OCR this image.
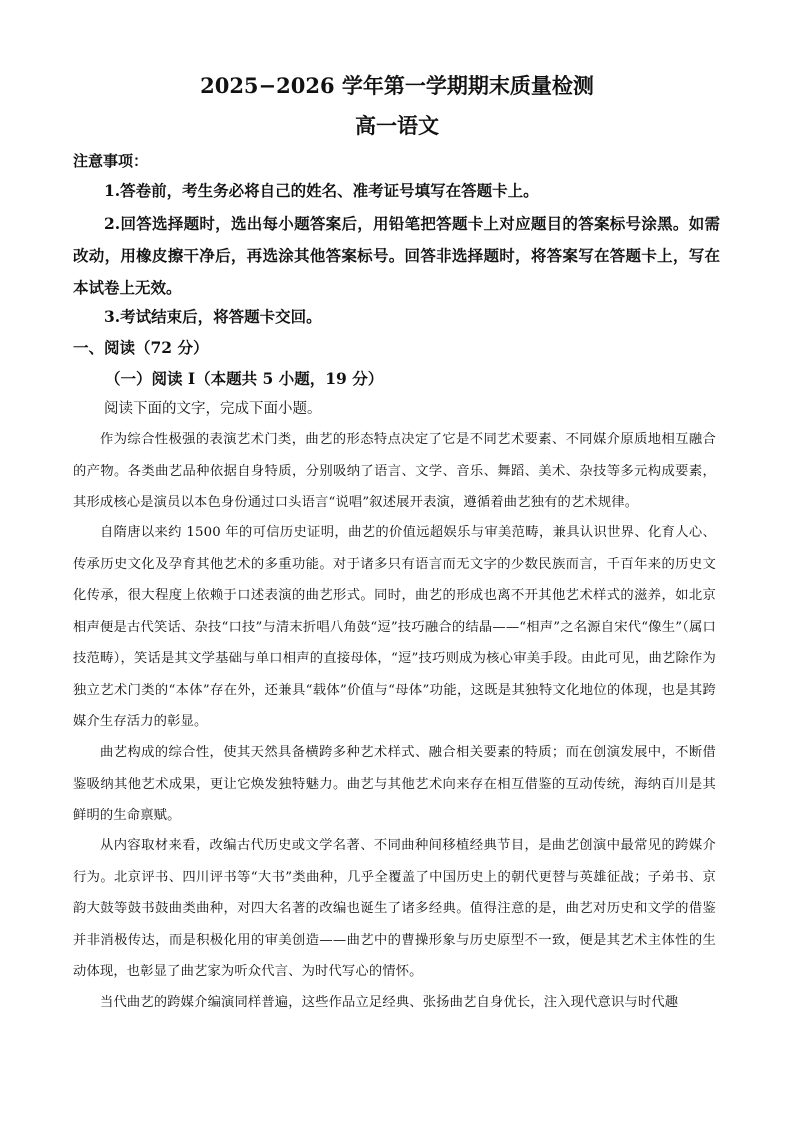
2025−2026 学年第一学期期末质量检测
高一语文
注意事项：
1.答卷前，考生务必将自己的姓名、准考证号填写在答题卡上。
2.回答选择题时，选出每小题答案后，用铅笔把答题卡上对应题目的答案标号涂黑。如需改动，用橡皮擦干净后，再选涂其他答案标号。回答非选择题时，将答案写在答题卡上，写在本试卷上无效。
3.考试结束后，将答题卡交回。
一、阅读（72 分）
（一）阅读 I（本题共 5 小题，19 分）
阅读下面的文字，完成下面小题。
作为综合性极强的表演艺术门类，曲艺的形态特点决定了它是不同艺术要素、不同媒介原质地相互融合的产物。各类曲艺品种依据自身特质，分别吸纳了语言、文学、音乐、舞蹈、美术、杂技等多元构成要素，其形成核心是演员以本色身份通过口头语言“说唱”叙述展开表演，遵循着曲艺独有的艺术规律。
自隋唐以来约 1500 年的可信历史证明，曲艺的价值远超娱乐与审美范畴，兼具认识世界、化育人心、传承历史文化及孕育其他艺术的多重功能。对于诸多只有语言而无文字的少数民族而言，千百年来的历史文化传承，很大程度上依赖于口述表演的曲艺形式。同时，曲艺的形成也离不开其他艺术样式的滋养，如北京相声便是古代笑话、杂技“口技”与清末折唱八角鼓“逗”技巧融合的结晶——“相声”之名源自宋代“像生”（属口技范畴），笑话是其文学基础与单口相声的直接母体，“逗”技巧则成为核心审美手段。由此可见，曲艺除作为独立艺术门类的“本体”存在外，还兼具“载体”价值与“母体”功能，这既是其独特文化地位的体现，也是其跨媒介生存活力的彰显。
曲艺构成的综合性，使其天然具备横跨多种艺术样式、融合相关要素的特质；而在创演发展中，不断借鉴吸纳其他艺术成果，更让它焕发独特魅力。曲艺与其他艺术向来存在相互借鉴的互动传统，海纳百川是其鲜明的生命禀赋。
从内容取材来看，改编古代历史或文学名著、不同曲种间移植经典节目，是曲艺创演中最常见的跨媒介行为。北京评书、四川评书等“大书”类曲种，几乎全覆盖了中国历史上的朝代更替与英雄征战；子弟书、京韵大鼓等鼓书鼓曲类曲种，对四大名著的改编也诞生了诸多经典。值得注意的是，曲艺对历史和文学的借鉴并非消极传达，而是积极化用的审美创造——曲艺中的曹操形象与历史原型不一致，便是其艺术主体性的生动体现，也彰显了曲艺家为听众代言、为时代写心的情怀。
当代曲艺的跨媒介编演同样普遍，这些作品立足经典、张扬曲艺自身优长，注入现代意识与时代趣
